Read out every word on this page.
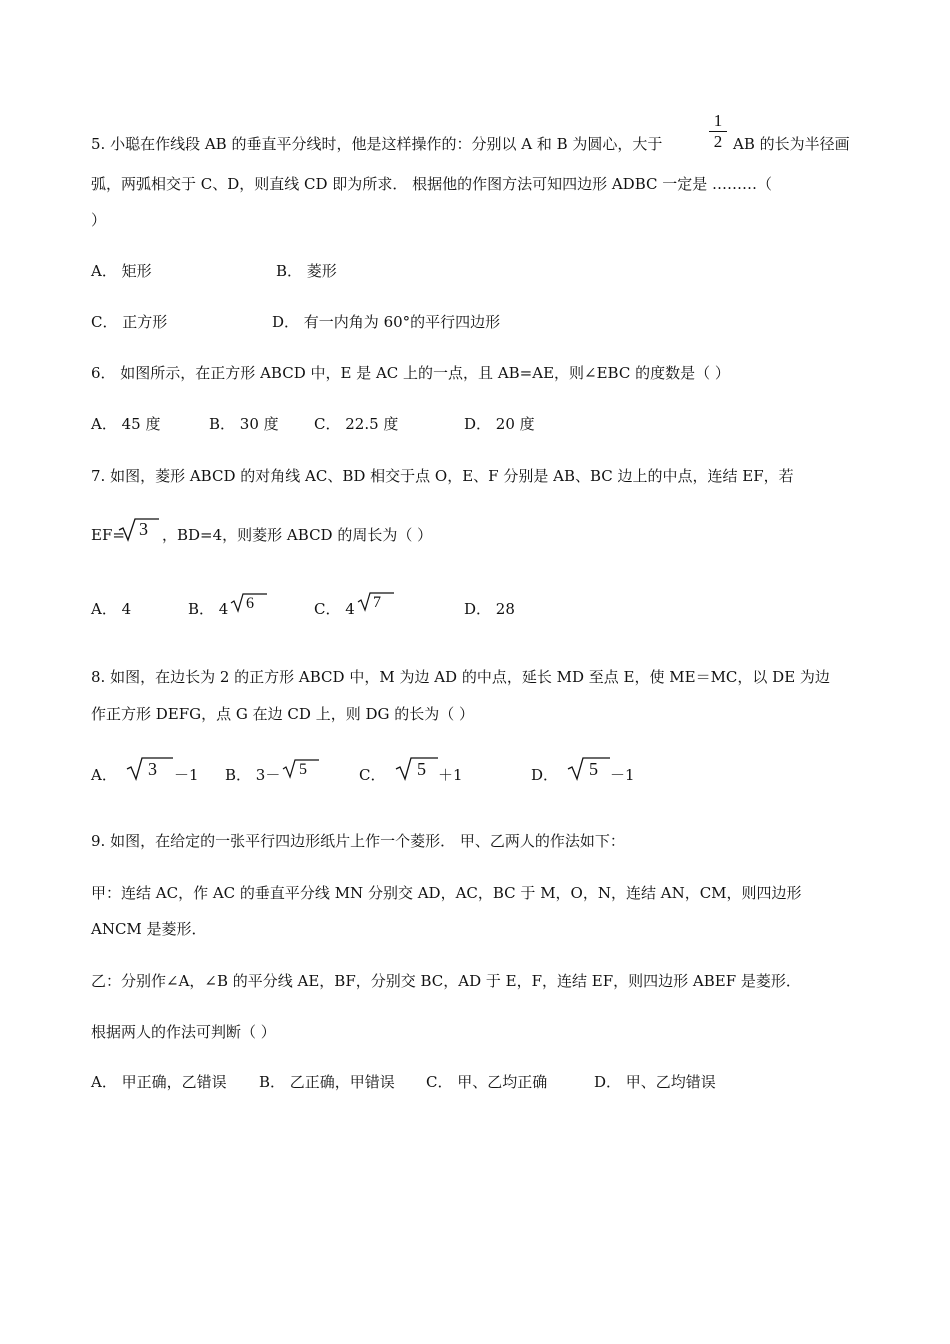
5. 小聪在作线段 AB 的垂直平分线时，他是这样操作的：分别以 A 和 B 为圆心，大于
1
2 AB 的长为半径画
弧，两弧相交于 C、D，则直线 CD 即为所求． 根据他的作图方法可知四边形 ADBC 一定是 ………（
）
A． 矩形	B． 菱形
C． 正方形	D． 有一内角为 60°的平行四边形
6． 如图所示，在正方形 ABCD 中，E 是 AC 上的一点，且 AB=AE，则∠EBC 的度数是（ ）
A． 45 度	B． 30 度 C． 22.5 度	D． 20 度
7. 如图，菱形 ABCD 的对角线 AC、BD 相交于点 O，E、F 分别是 AB、BC 边上的中点，连结 EF，若
EF= 3 ，BD=4，则菱形 ABCD 的周长为（ ）
A． 4	B． 4 6	C． 4 7	D． 28
8. 如图，在边长为 2 的正方形 ABCD 中，M 为边 AD 的中点，延长 MD 至点 E，使 ME＝MC，以 DE 为边
作正方形 DEFG，点 G 在边 CD 上，则 DG 的长为（ ）
A． 3 －1 B． 3－ 5	C． 5 ＋1	D． 5 －1
9. 如图，在给定的一张平行四边形纸片上作一个菱形． 甲、乙两人的作法如下：
甲：连结 AC，作 AC 的垂直平分线 MN 分别交 AD，AC，BC 于 M，O，N，连结 AN，CM，则四边形
ANCM 是菱形．
乙：分别作∠A，∠B 的平分线 AE，BF，分别交 BC，AD 于 E，F，连结 EF，则四边形 ABEF 是菱形．
根据两人的作法可判断（ ）
A． 甲正确，乙错误 B． 乙正确，甲错误 C． 甲、乙均正确	D． 甲、乙均错误
